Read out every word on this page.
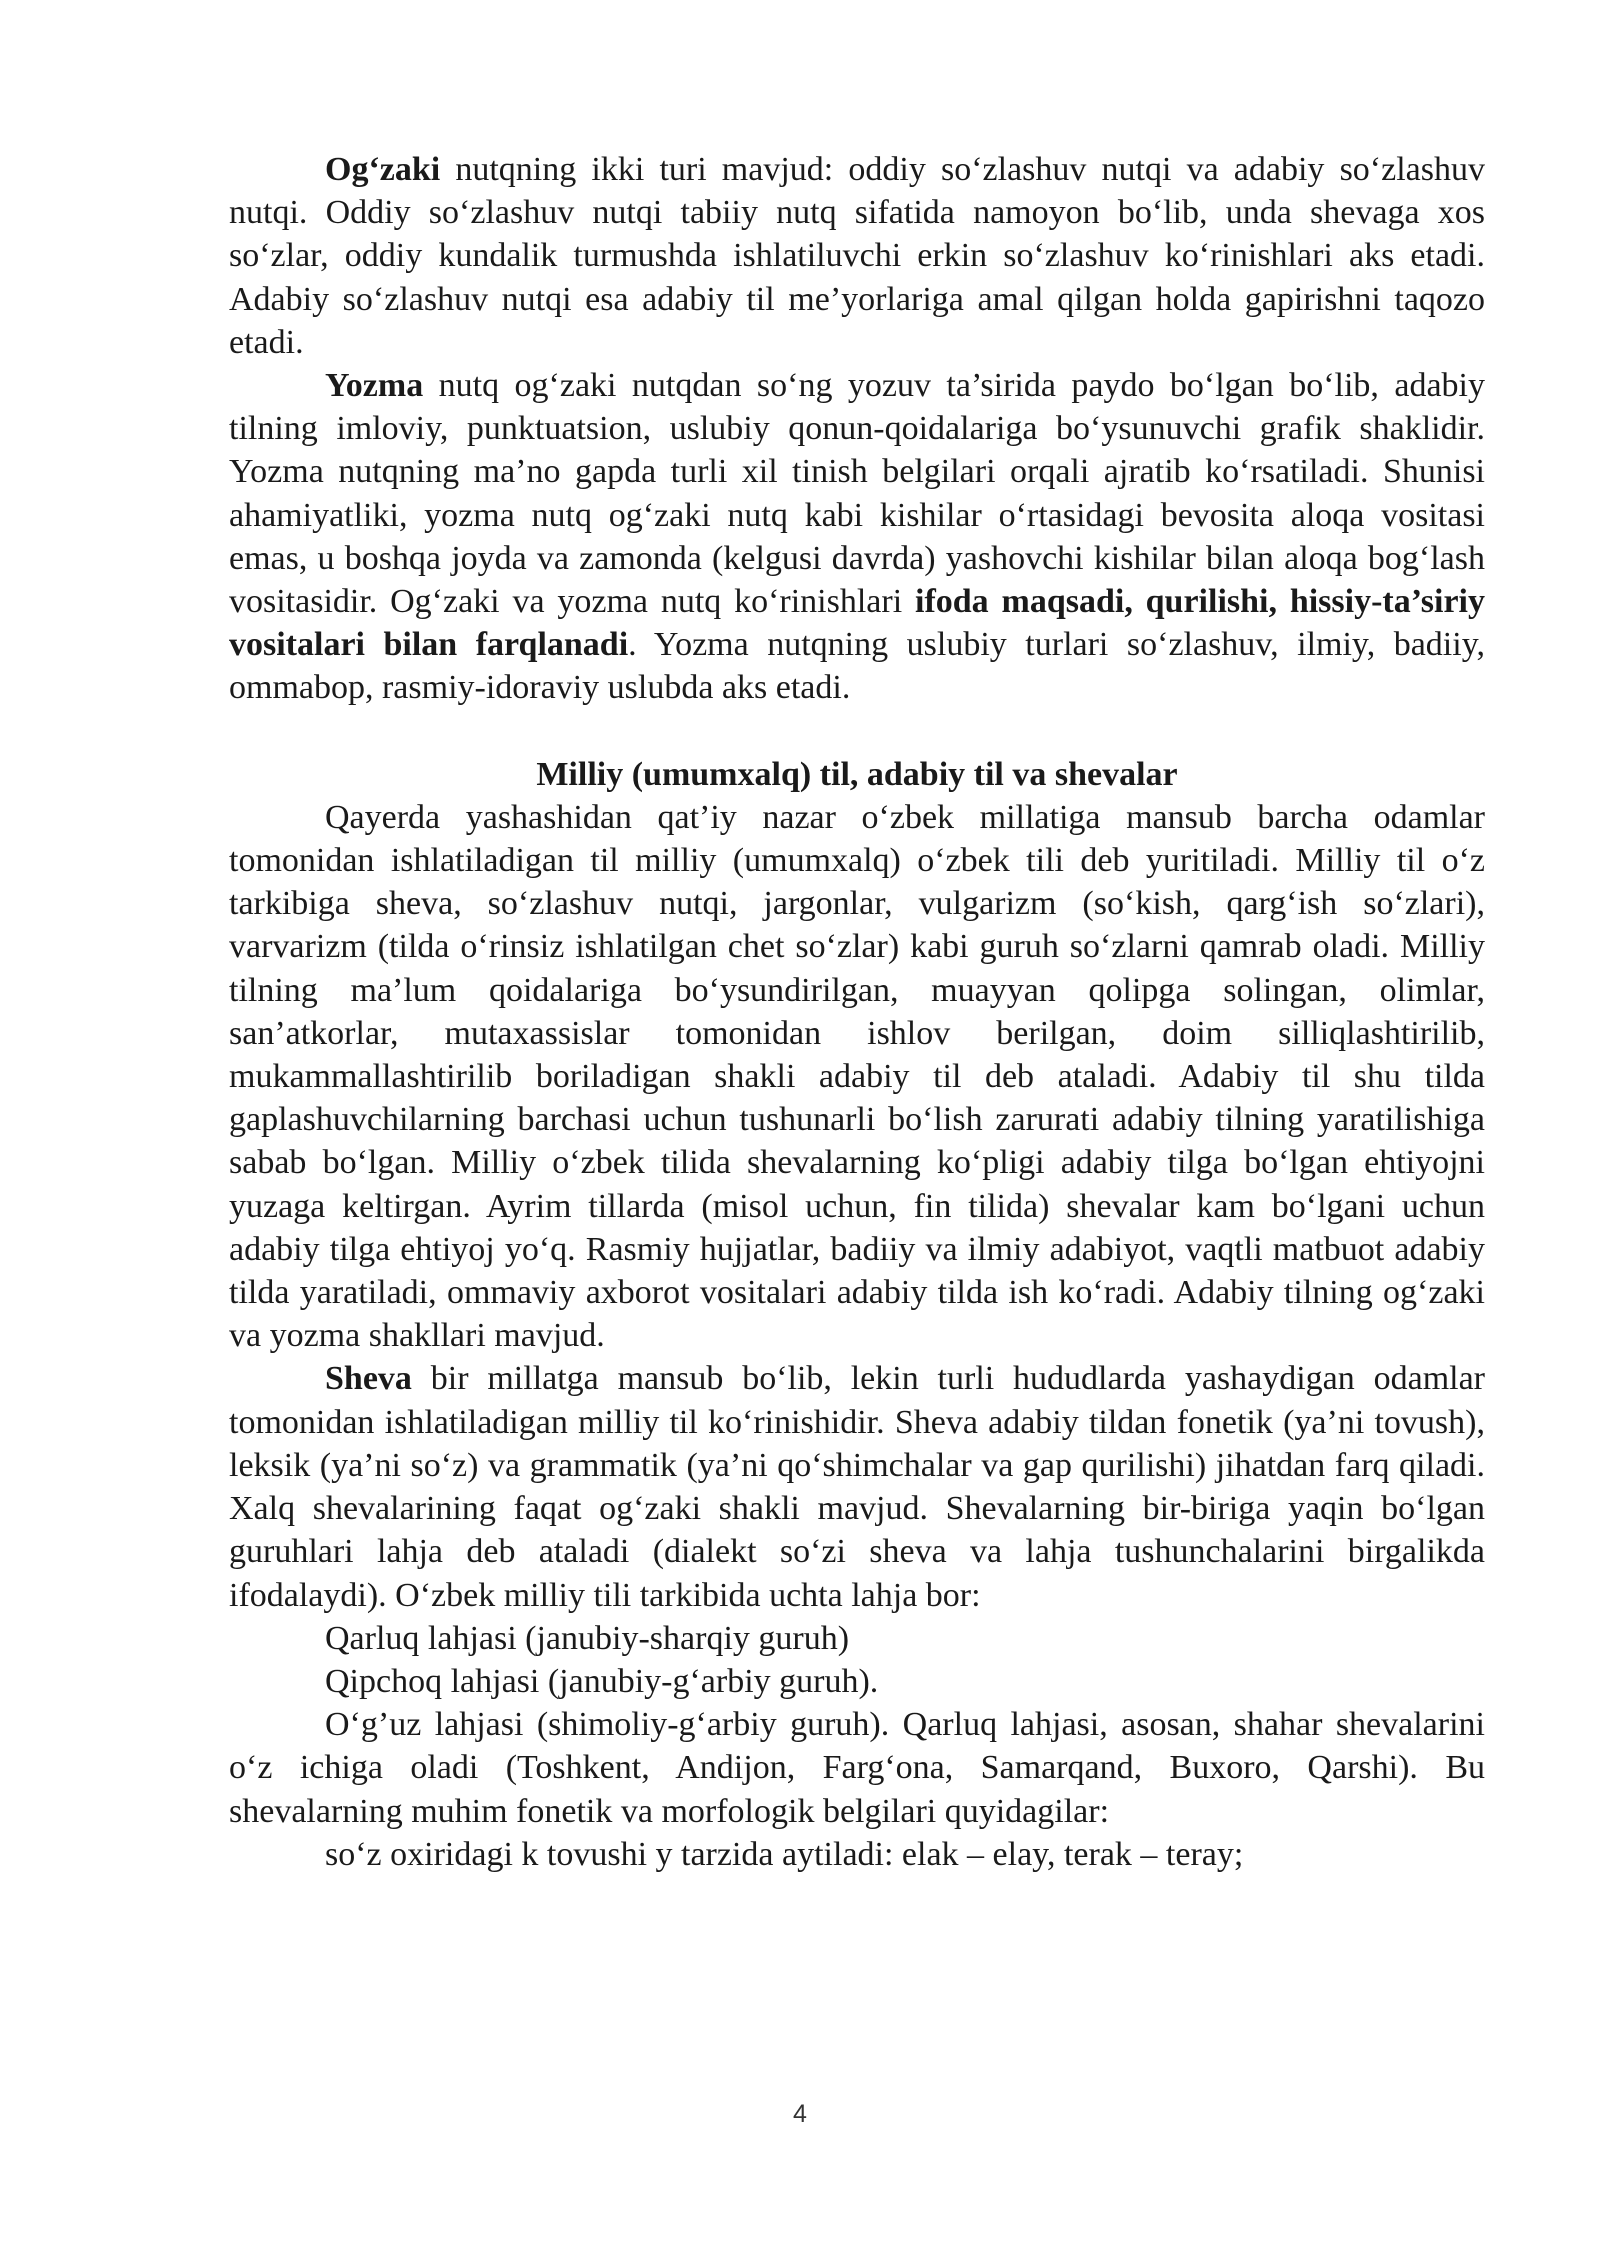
Og‘zaki nutqning ikki turi mavjud: oddiy so‘zlashuv nutqi va adabiy so‘zlashuv nutqi. Oddiy so‘zlashuv nutqi tabiiy nutq sifatida namoyon bo‘lib, unda shevaga xos so‘zlar, oddiy kundalik turmushda ishlatiluvchi erkin so‘zlashuv ko‘rinishlari aks etadi. Adabiy so‘zlashuv nutqi esa adabiy til me’yorlariga amal qilgan holda gapirishni taqozo etadi.

Yozma nutq og‘zaki nutqdan so‘ng yozuv ta’sirida paydo bo‘lgan bo‘lib, adabiy tilning imloviy, punktuatsion, uslubiy qonun-qoidalariga bo‘ysunuvchi grafik shaklidir. Yozma nutqning ma’no gapda turli xil tinish belgilari orqali ajratib ko‘rsatiladi. Shunisi ahamiyatliki, yozma nutq og‘zaki nutq kabi kishilar o‘rtasidagi bevosita aloqa vositasi emas, u boshqa joyda va zamonda (kelgusi davrda) yashovchi kishilar bilan aloqa bog‘lash vositasidir. Og‘zaki va yozma nutq ko‘rinishlari ifoda maqsadi, qurilishi, hissiy-ta’siriy vositalari bilan farqlanadi. Yozma nutqning uslubiy turlari so‘zlashuv, ilmiy, badiiy, ommabop, rasmiy-idoraviy uslubda aks etadi.

Milliy (umumxalq) til, adabiy til va shevalar

Qayerda yashashidan qat’iy nazar o‘zbek millatiga mansub barcha odamlar tomonidan ishlatiladigan til milliy (umumxalq) o‘zbek tili deb yuritiladi. Milliy til o‘z tarkibiga sheva, so‘zlashuv nutqi, jargonlar, vulgarizm (so‘kish, qarg‘ish so‘zlari), varvarizm (tilda o‘rinsiz ishlatilgan chet so‘zlar) kabi guruh so‘zlarni qamrab oladi. Milliy tilning ma’lum qoidalariga bo‘ysundirilgan, muayyan qolipga solingan, olimlar, san’atkorlar, mutaxassislar tomonidan ishlov berilgan, doim silliqlashtirilib, mukammallashtirilib boriladigan shakli adabiy til deb ataladi. Adabiy til shu tilda gaplashuvchilarning barchasi uchun tushunarli bo‘lish zarurati adabiy tilning yaratilishiga sabab bo‘lgan. Milliy o‘zbek tilida shevalarning ko‘pligi adabiy tilga bo‘lgan ehtiyojni yuzaga keltirgan. Ayrim tillarda (misol uchun, fin tilida) shevalar kam bo‘lgani uchun adabiy tilga ehtiyoj yo‘q. Rasmiy hujjatlar, badiiy va ilmiy adabiyot, vaqtli matbuot adabiy tilda yaratiladi, ommaviy axborot vositalari adabiy tilda ish ko‘radi. Adabiy tilning og‘zaki va yozma shakllari mavjud.

Sheva bir millatga mansub bo‘lib, lekin turli hududlarda yashaydigan odamlar tomonidan ishlatiladigan milliy til ko‘rinishidir. Sheva adabiy tildan fonetik (ya’ni tovush), leksik (ya’ni so‘z) va grammatik (ya’ni qo‘shimchalar va gap qurilishi) jihatdan farq qiladi. Xalq shevalarining faqat og‘zaki shakli mavjud. Shevalarning bir-biriga yaqin bo‘lgan guruhlari lahja deb ataladi (dialekt so‘zi sheva va lahja tushunchalarini birgalikda ifodalaydi). O‘zbek milliy tili tarkibida uchta lahja bor:

Qarluq lahjasi (janubiy-sharqiy guruh)

Qipchoq lahjasi (janubiy-g‘arbiy guruh).

O‘g’uz lahjasi (shimoliy-g‘arbiy guruh). Qarluq lahjasi, asosan, shahar shevalarini o‘z ichiga oladi (Toshkent, Andijon, Farg‘ona, Samarqand, Buxoro, Qarshi). Bu shevalarning muhim fonetik va morfologik belgilari quyidagilar:

so‘z oxiridagi k tovushi y tarzida aytiladi: elak – elay, terak – teray;

4
